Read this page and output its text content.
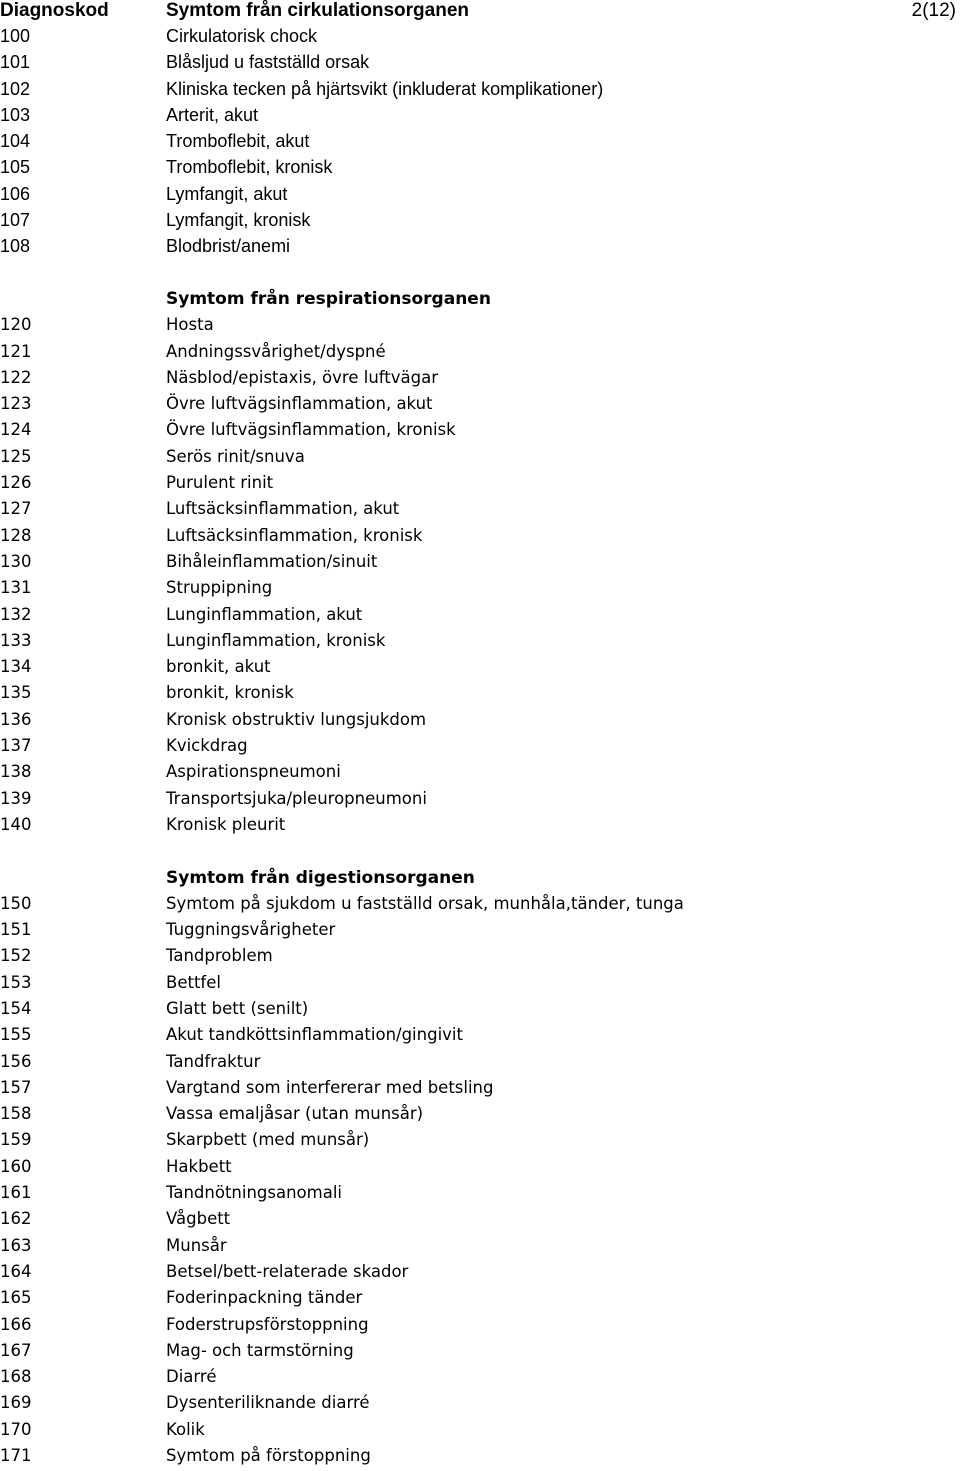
Diagnoskod	Symtom från cirkulationsorganen	2(12)
100	Cirkulatorisk chock
101	Blåsljud u fastställd orsak
102	Kliniska tecken på hjärtsvikt (inkluderat komplikationer)
103	Arterit, akut
104	Tromboflebit, akut
105	Tromboflebit, kronisk
106	Lymfangit, akut
107	Lymfangit, kronisk
108	Blodbrist/anemi
Symtom från respirationsorganen
120	Hosta
121	Andningssvårighet/dyspné
122	Näsblod/epistaxis, övre luftvägar
123	Övre luftvägsinflammation, akut
124	Övre luftvägsinflammation, kronisk
125	Serös rinit/snuva
126	Purulent rinit
127	Luftsäcksinflammation, akut
128	Luftsäcksinflammation, kronisk
130	Bihåleinflammation/sinuit
131	Struppipning
132	Lunginflammation, akut
133	Lunginflammation, kronisk
134	bronkit, akut
135	bronkit, kronisk
136	Kronisk obstruktiv lungsjukdom
137	Kvickdrag
138	Aspirationspneumoni
139	Transportsjuka/pleuropneumoni
140	Kronisk pleurit
Symtom från digestionsorganen
150	Symtom på sjukdom u fastställd orsak, munhåla,tänder, tunga
151	Tuggningsvårigheter
152	Tandproblem
153	Bettfel
154	Glatt bett (senilt)
155	Akut tandköttsinflammation/gingivit
156	Tandfraktur
157	Vargtand som interfererar med betsling
158	Vassa emaljåsar (utan munsår)
159	Skarpbett (med munsår)
160	Hakbett
161	Tandnötningsanomali
162	Vågbett
163	Munsår
164	Betsel/bett-relaterade skador
165	Foderinpackning tänder
166	Foderstrupsförstoppning
167	Mag- och tarmstörning
168	Diarré
169	Dysenteriliknande diarré
170	Kolik
171	Symtom på förstoppning
